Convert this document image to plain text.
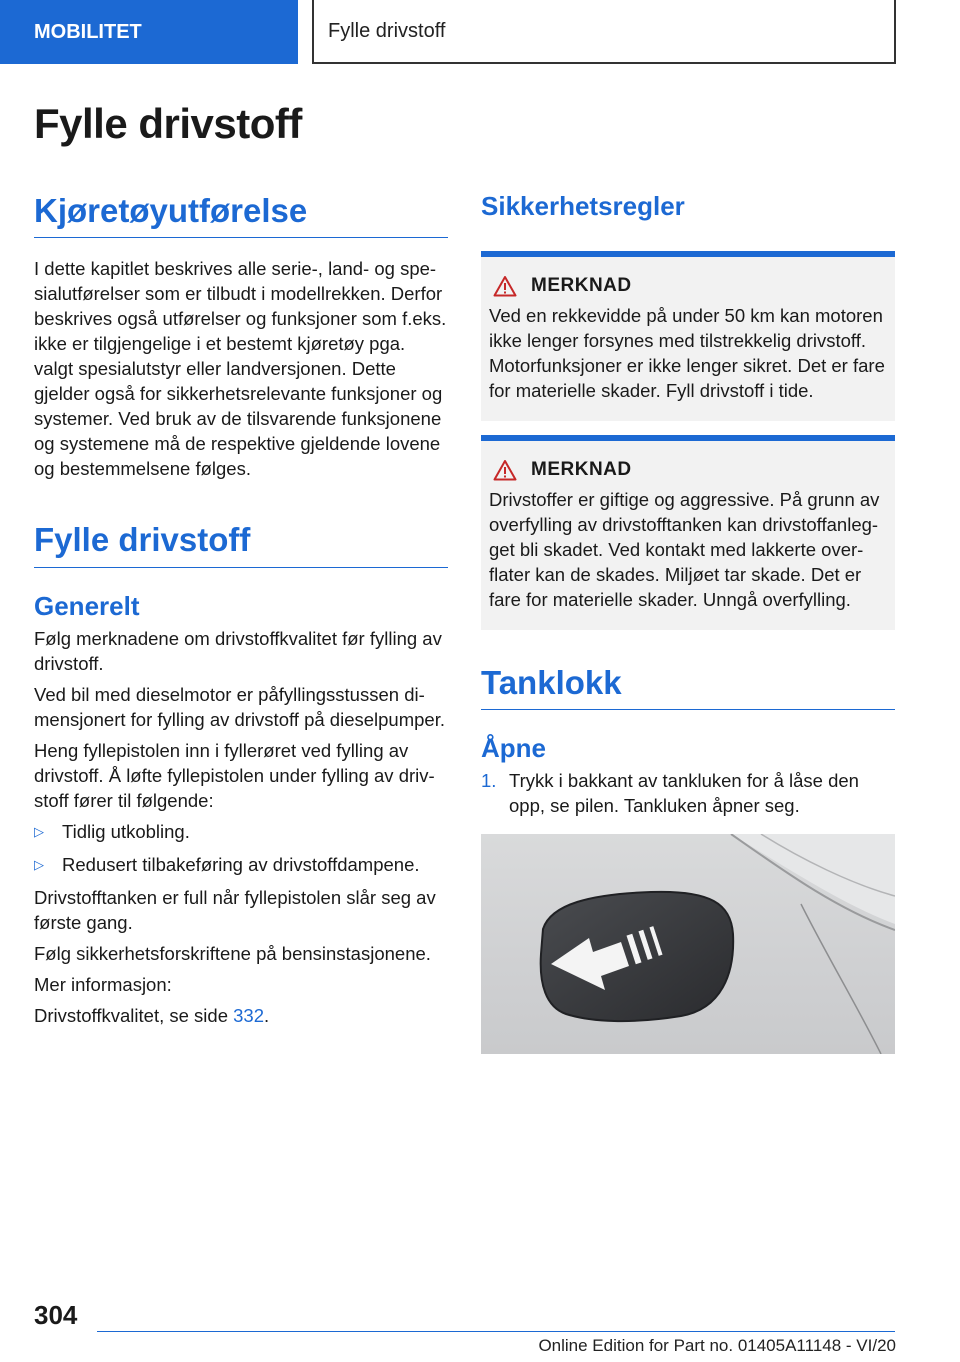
MOBILITET	Fylle drivstoff
Fylle drivstoff
Kjøretøyutførelse

I dette kapitlet beskrives alle serie-, land- og spesialutførelser som er tilbudt i modellrekken. Derfor beskrives også utførelser og funksjoner som f.eks. ikke er tilgjengelige i et bestemt kjøretøy pga. valgt spesialutstyr eller landversjonen. Dette gjelder også for sikkerhetsrelevante funksjoner og systemer. Ved bruk av de tilsvarende funksjonene og systemene må de respektive gjeldende lovene og bestemmelsene følges.

Fylle drivstoff
Generelt

Følg merknadene om drivstoffkvalitet før fylling av drivstoff.

Ved bil med dieselmotor er påfyllingsstussen dimensjonert for fylling av drivstoff på dieselpumper.

Heng fyllepistolen inn i fyllerøret ved fylling av drivstoff. Å løfte fyllepistolen under fylling av drivstoff fører til følgende:

▷ Tidlig utkobling.
▷ Redusert tilbakeføring av drivstoffdampene.

Drivstofftanken er full når fyllepistolen slår seg av første gang.

Følg sikkerhetsforskriftene på bensinstasjonene.

Mer informasjon:

Drivstoffkvalitet, se side 332.

Sikkerhetsregler
MERKNAD

Ved en rekkevidde på under 50 km kan motoren ikke lenger forsynes med tilstrekkelig drivstoff. Motorfunksjoner er ikke lenger sikret. Det er fare for materielle skader. Fyll drivstoff i tide.

MERKNAD

Drivstoffer er giftige og aggressive. På grunn av overfylling av drivstofftanken kan drivstoffanlegget bli skadet. Ved kontakt med lakkerte overflater kan de skades. Miljøet tar skade. Det er fare for materielle skader. Unngå overfylling.

Tanklokk
Åpne
1. Trykk i bakkant av tankluken for å låse den opp, se pilen. Tankluken åpner seg.
304
Online Edition for Part no. 01405A11148 - VI/20
